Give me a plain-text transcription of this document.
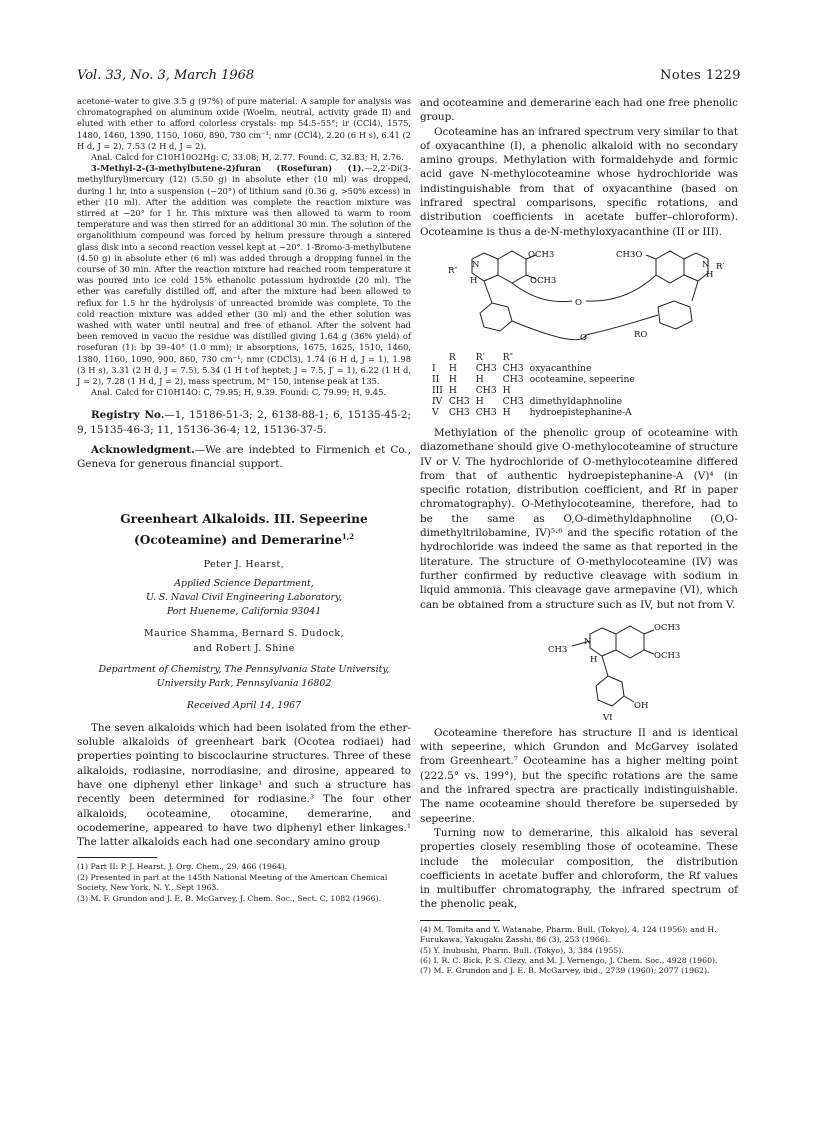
Vol. 33, No. 3, March 1968	Notes 1229

acetone–water to give 3.5 g (97%) of pure material. A sample for analysis was chromatographed on aluminum oxide (Woelm, neutral, activity grade II) and eluted with ether to afford colorless crystals: mp 54.5–55°; ir (CCl4), 1575, 1480, 1460, 1390, 1150, 1060, 890, 730 cm⁻¹; nmr (CCl4), 2.20 (6 H s), 6.41 (2 H d, J = 2), 7.53 (2 H d, J = 2).

Anal. Calcd for C10H10O2Hg: C, 33.08; H, 2.77. Found: C, 32.83; H, 2.76.

3-Methyl-2-(3-methylbutene-2)furan (Rosefuran) (1).—2,2′-Di(3-methylfuryl)mercury (12) (5.50 g) in absolute ether (10 ml) was dropped, during 1 hr, into a suspension (−20°) of lithium sand (0.36 g, >50% excess) in ether (10 ml). After the addition was complete the reaction mixture was stirred at −20° for 1 hr. This mixture was then allowed to warm to room temperature and was then stirred for an additional 30 min. The solution of the organolithium compound was forced by helium pressure through a sintered glass disk into a second reaction vessel kept at −20°. 1-Bromo-3-methylbutene (4.50 g) in absolute ether (6 ml) was added through a dropping funnel in the course of 30 min. After the reaction mixture had reached room temperature it was poured into ice cold 15% ethanolic potassium hydroxide (20 ml). The ether was carefully distilled off, and after the mixture had been allowed to reflux for 1.5 hr the hydrolysis of unreacted bromide was complete. To the cold reaction mixture was added ether (30 ml) and the ether solution was washed with water until neutral and free of ethanol. After the solvent had been removed in vacuo the residue was distilled giving 1.64 g (36% yield) of rosefuran (1): bp 39–40° (1.0 mm); ir absorptions, 1675, 1625, 1510, 1460, 1380, 1160, 1090, 900, 860, 730 cm⁻¹; nmr (CDCl3), 1.74 (6 H d, J = 1), 1.98 (3 H s), 3.31 (2 H d, J = 7.5), 5.34 (1 H t of heptet, J = 7.5, J′ = 1), 6.22 (1 H d, J = 2), 7.28 (1 H d, J = 2), mass spectrum, M⁺ 150, intense peak at 135.

Anal. Calcd for C10H14O: C, 79.95; H, 9.39. Found: C, 79.99; H, 9.45.

Registry No.—1, 15186-51-3; 2, 6138-88-1; 6, 15135-45-2; 9, 15135-46-3; 11, 15136-36-4; 12, 15136-37-5.

Acknowledgment.—We are indebted to Firmenich et Co., Geneva for generous financial support.

Greenheart Alkaloids. III. Sepeerine
(Ocoteamine) and Demerarine$^{1,2}$
Peter J. Hearst,
Applied Science Department,
U. S. Naval Civil Engineering Laboratory,
Port Hueneme, California 93041
Maurice Shamma, Bernard S. Dudock,
and Robert J. Shine
Department of Chemistry, The Pennsylvania State University,
University Park, Pennsylvania 16802
Received April 14, 1967

The seven alkaloids which had been isolated from the ether-soluble alkaloids of greenheart bark (Ocotea rodiaei) had properties pointing to biscoclaurine structures. Three of these alkaloids, rodiasine, norrodiasine, and dirosine, appeared to have one diphenyl ether linkage¹ and such a structure has recently been determined for rodiasine.³ The four other alkaloids, ocoteamine, otocamine, demerarine, and ocodemerine, appeared to have two diphenyl ether linkages.¹ The latter alkaloids each had one secondary amino group

(1) Part II: P. J. Hearst, J. Org. Chem., 29, 466 (1964).

(2) Presented in part at the 145th National Meeting of the American Chemical Society, New York, N. Y., Sept 1963.

(3) M. F. Grundon and J. E. B. McGarvey, J. Chem. Soc., Sect. C, 1082 (1966).

and ocoteamine and demerarine each had one free phenolic group.

Ocoteamine has an infrared spectrum very similar to that of oxyacanthine (I), a phenolic alkaloid with no secondary amino groups. Methylation with formaldehyde and formic acid gave N-methylocoteamine whose hydrochloride was indistinguishable from that of oxyacanthine (based on infrared spectral comparisons, specific rotations, and distribution coefficients in acetate buffer–chloroform). Ocoteamine is thus a de-N-methyloxyacanthine (II or III).

OCH3	CH3O
OCH3
R″
H
N	N R′
H
O
O	RO
	R	R′	R″	
I	H	CH3	CH3	oxyacanthine
II	H	H	CH3	ocoteamine, sepeerine
III	H	CH3	H	
IV	CH3	H	CH3	dimethyldaphnoline
V	CH3	CH3	H	hydroepistephanine-A

Methylation of the phenolic group of ocoteamine with diazomethane should give O-methylocoteamine of structure IV or V. The hydrochloride of O-methylocoteamine differed from that of authentic hydroepistephanine-A (V)⁴ (in specific rotation, distribution coefficient, and Rf in paper chromatography). O-Methylocoteamine, therefore, had to be the same as O,O-dimethyldaphnoline (O,O-dimethyltrilobamine, IV)⁵·⁶ and the specific rotation of the hydrochloride was indeed the same as that reported in the literature. The structure of O-methylocoteamine (IV) was further confirmed by reductive cleavage with sodium in liquid ammonia. This cleavage gave armepavine (VI), which can be obtained from a structure such as IV, but not from V.

OCH3
OCH3
CH3
N
H
OH
VI

Ocoteamine therefore has structure II and is identical with sepeerine, which Grundon and McGarvey isolated from Greenheart.⁷ Ocoteamine has a higher melting point (222.5° vs. 199°), but the specific rotations are the same and the infrared spectra are practically indistinguishable. The name ocoteamine should therefore be superseded by sepeerine.

Turning now to demerarine, this alkaloid has several properties closely resembling those of ocoteamine. These include the molecular composition, the distribution coefficients in acetate buffer and chloroform, the Rf values in multibuffer chromatography, the infrared spectrum of the phenolic peak,

(4) M. Tomita and Y. Watanabe, Pharm. Bull. (Tokyo), 4, 124 (1956); and H. Furukawa, Yakugaku Zasshi, 86 (3), 253 (1966).

(5) Y. Inubushi, Pharm. Bull. (Tokyo), 3, 384 (1955).

(6) I. R. C. Bick, P. S. Clezy, and M. J. Vernengo, J. Chem. Soc., 4928 (1960).

(7) M. F. Grundon and J. E. B. McGarvey, ibid., 2739 (1960); 2077 (1962).
